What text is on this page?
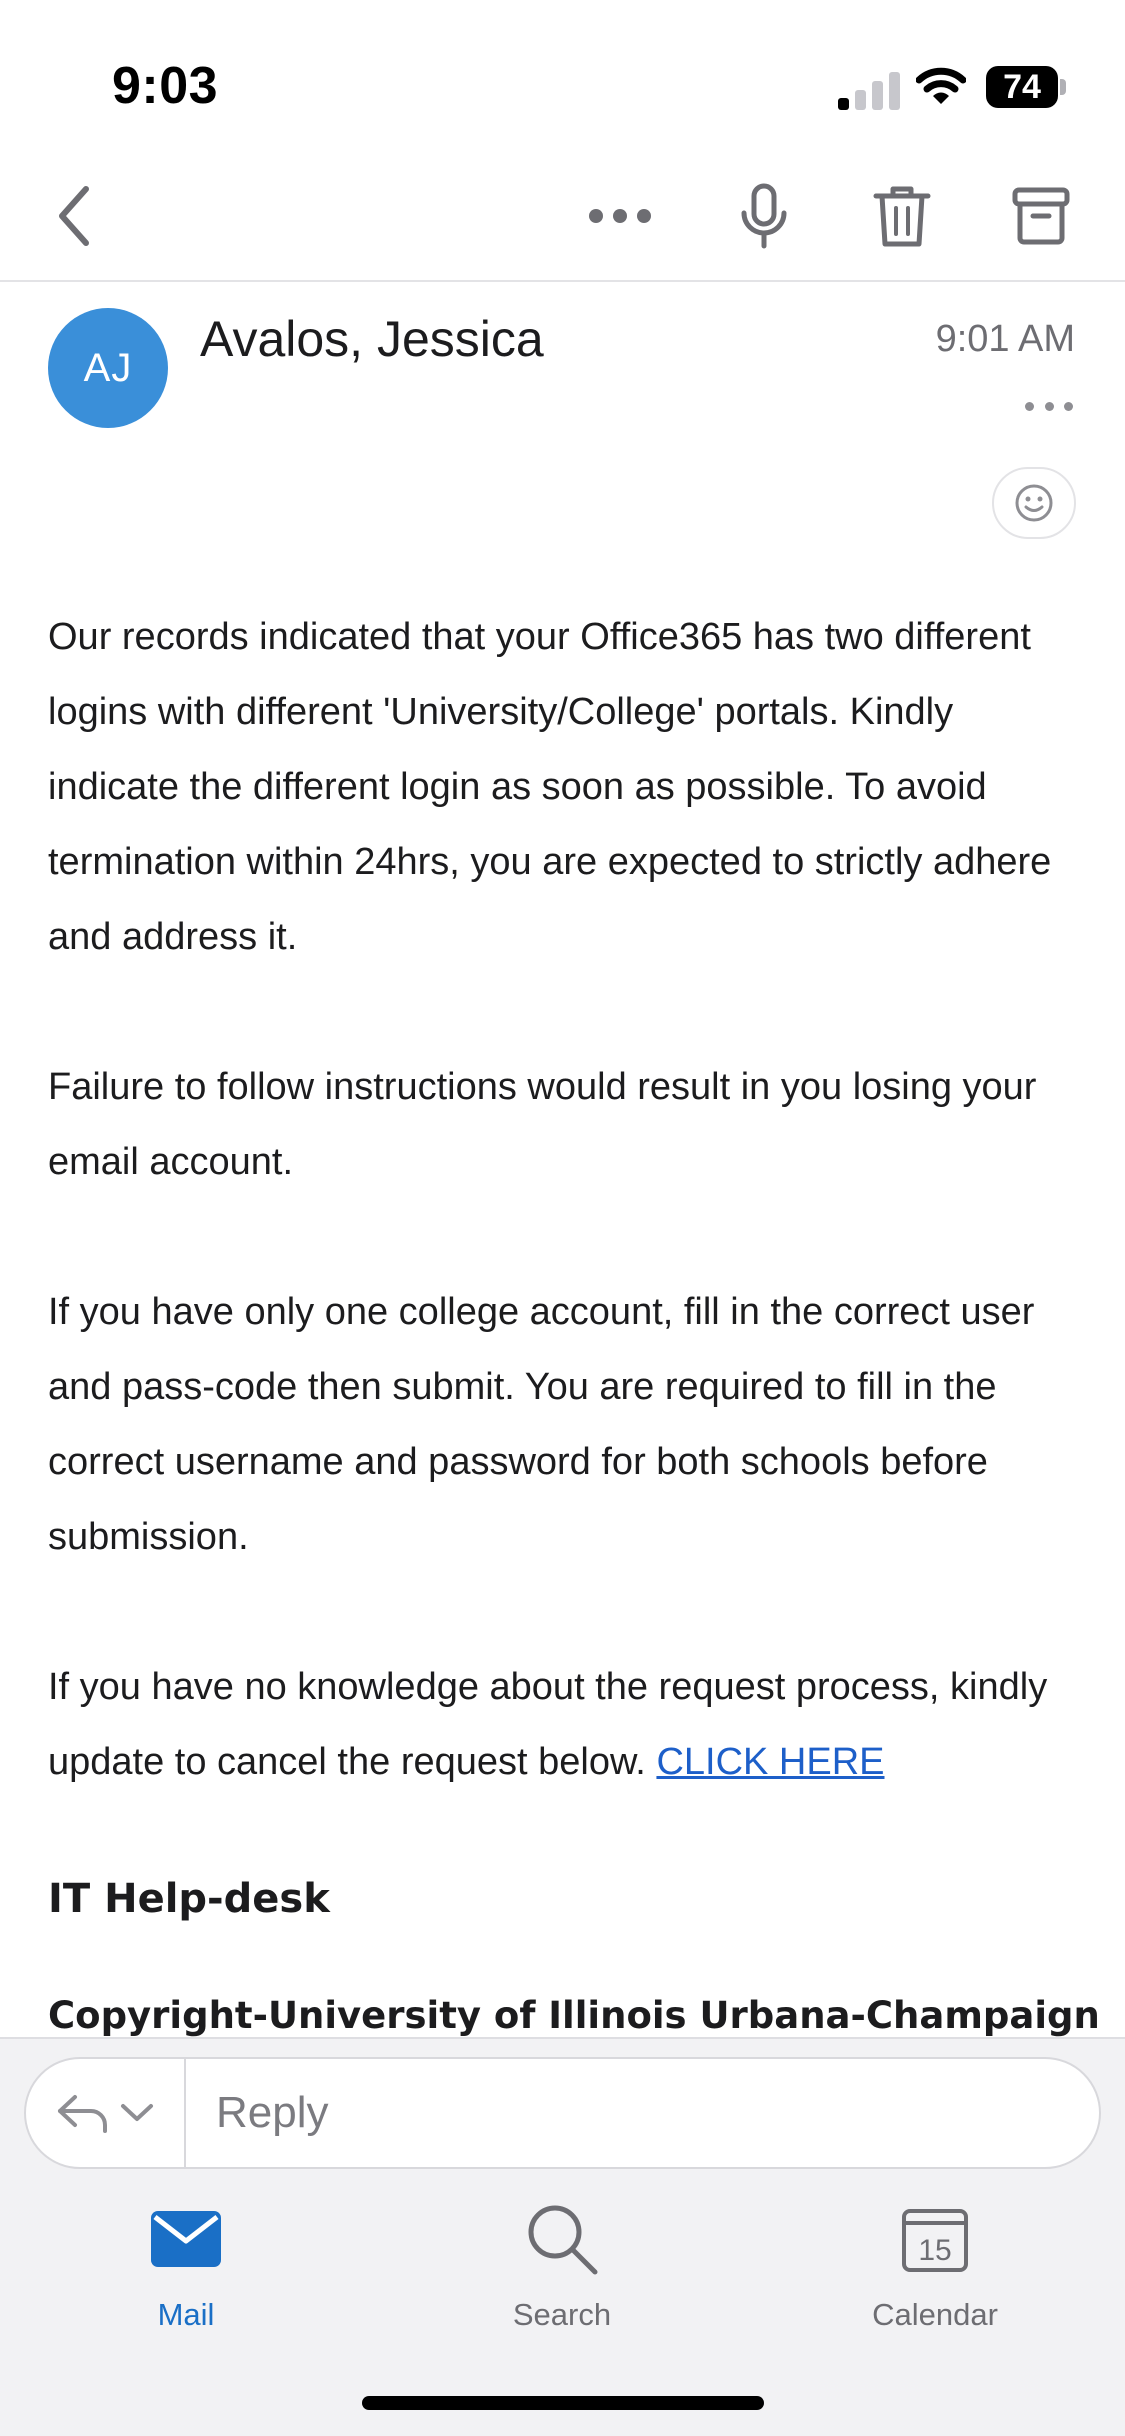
9:03	74
AJ
Avalos, Jessica	9:01 AM

Our records indicated that your Office365 has two different logins with different 'University/College' portals. Kindly indicate the different login as soon as possible. To avoid termination within 24hrs, you are expected to strictly adhere and address it.

Failure to follow instructions would result in you losing your email account.

If you have only one college account, fill in the correct user and pass-code then submit. You are required to fill in the correct username and password for both schools before submission.

If you have no knowledge about the request process, kindly update to cancel the request below. CLICK HERE

IT Help-desk
Copyright-University of Illinois Urbana-Champaign
Reply
Mail	Search
15
Calendar
